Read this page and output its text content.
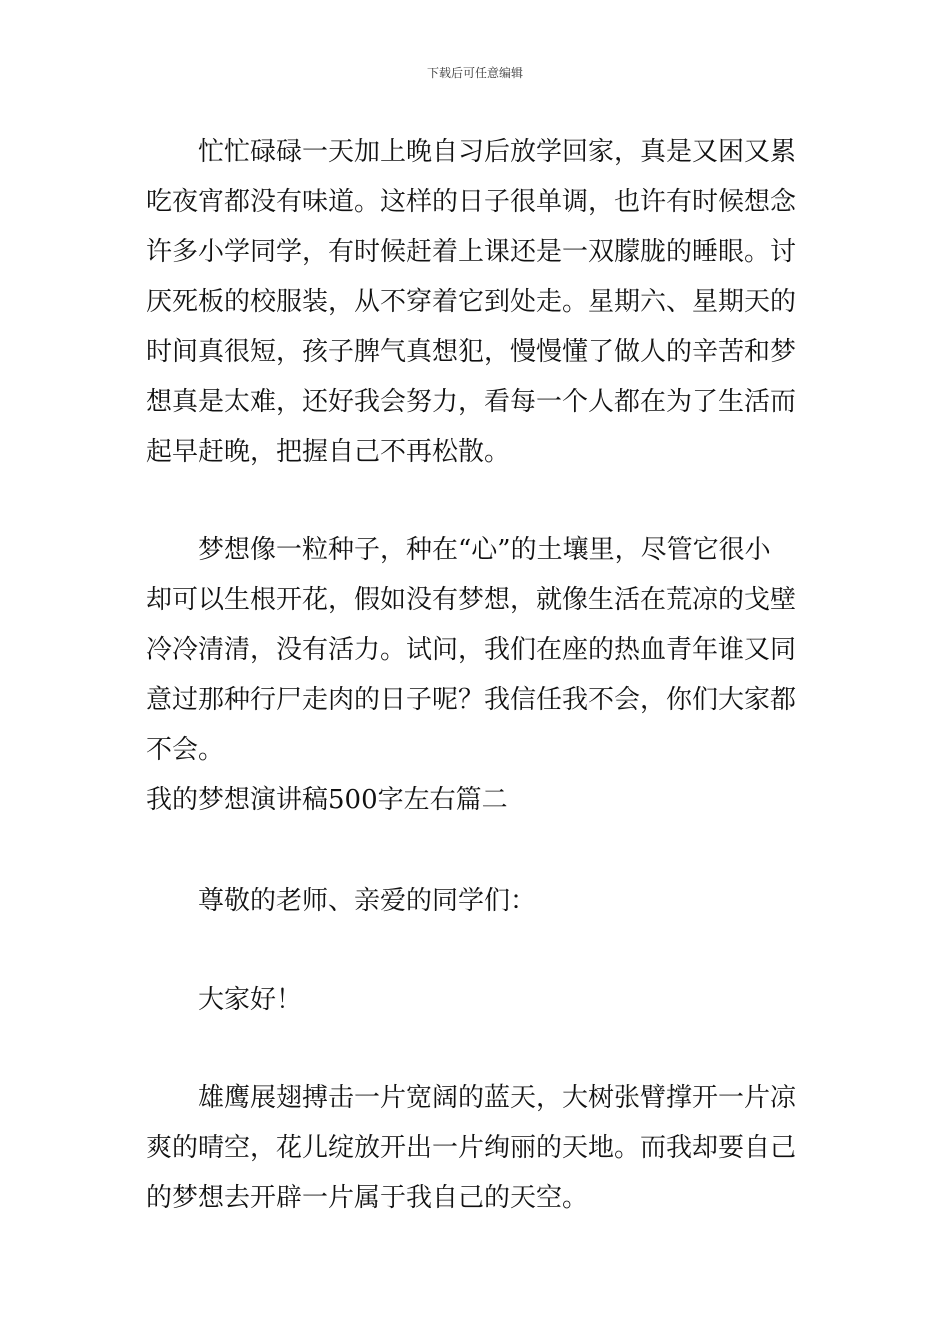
下载后可任意编辑
忙忙碌碌一天加上晚自习后放学回家，真是又困又累
吃夜宵都没有味道。这样的日子很单调，也许有时候想念
许多小学同学，有时候赶着上课还是一双朦胧的睡眼。讨
厌死板的校服装，从不穿着它到处走。星期六、星期天的
时间真很短，孩子脾气真想犯，慢慢懂了做人的辛苦和梦
想真是太难，还好我会努力，看每一个人都在为了生活而
起早赶晚，把握自己不再松散。
梦想像一粒种子，种在“心”的土壤里，尽管它很小
却可以生根开花，假如没有梦想，就像生活在荒凉的戈壁
冷冷清清，没有活力。试问，我们在座的热血青年谁又同
意过那种行尸走肉的日子呢？我信任我不会，你们大家都
不会。
我的梦想演讲稿500字左右篇二
尊敬的老师、亲爱的同学们：
大家好！
雄鹰展翅搏击一片宽阔的蓝天，大树张臂撑开一片凉
爽的晴空，花儿绽放开出一片绚丽的天地。而我却要自己
的梦想去开辟一片属于我自己的天空。
